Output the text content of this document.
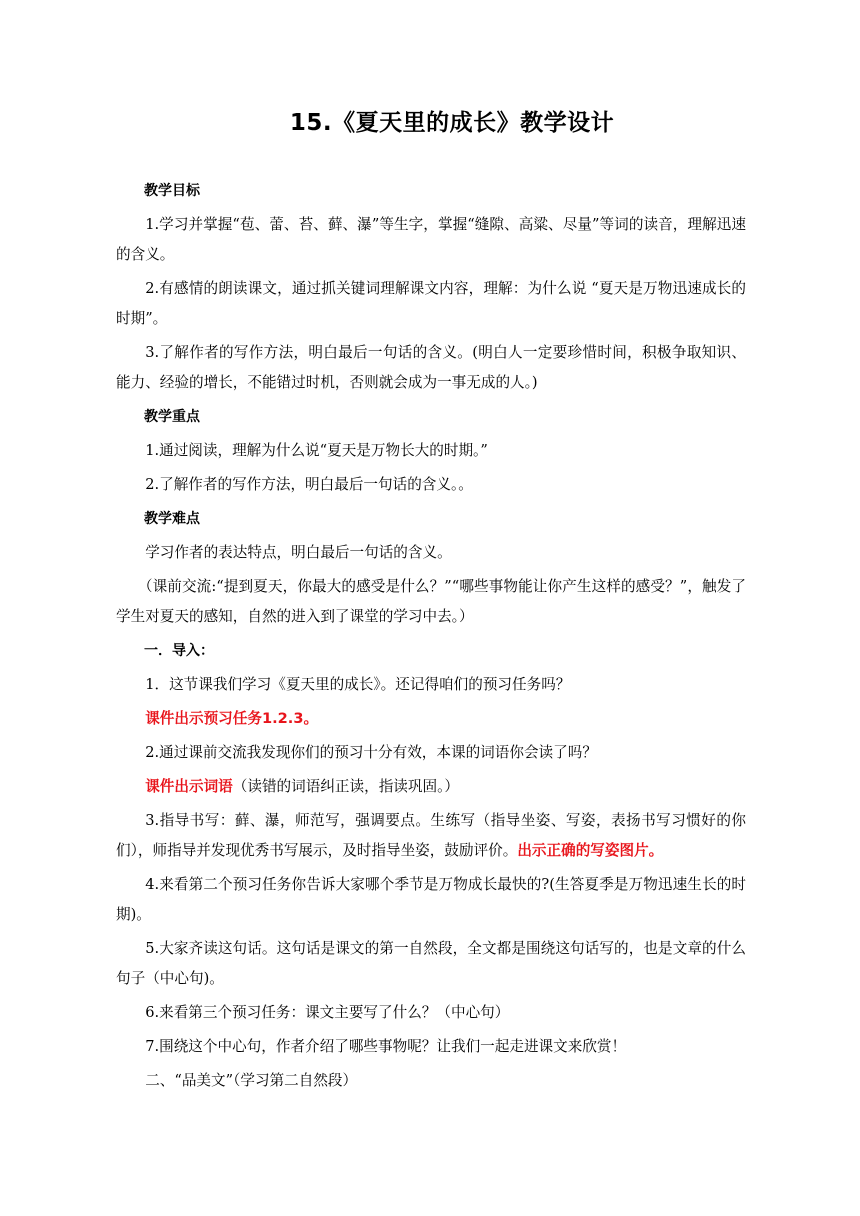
15.《夏天里的成长》教学设计

教学目标

1.学习并掌握“苞、蕾、苔、藓、瀑”等生字，掌握“缝隙、高粱、尽量”等词的读音，理解迅速的含义。

2.有感情的朗读课文，通过抓关键词理解课文内容，理解：为什么说 “夏天是万物迅速成长的时期”。

3.了解作者的写作方法，明白最后一句话的含义。(明白人一定要珍惜时间，积极争取知识、能力、经验的增长，不能错过时机，否则就会成为一事无成的人。)

教学重点

1.通过阅读，理解为什么说“夏天是万物长大的时期。”

2.了解作者的写作方法，明白最后一句话的含义。。

教学难点

学习作者的表达特点，明白最后一句话的含义。

（课前交流:“提到夏天，你最大的感受是什么？”“哪些事物能让你产生这样的感受？”，触发了学生对夏天的感知，自然的进入到了课堂的学习中去。）

一．导入：

1．这节课我们学习《夏天里的成长》。还记得咱们的预习任务吗？

课件出示预习任务1.2.3。

2.通过课前交流我发现你们的预习十分有效，本课的词语你会读了吗？

课件出示词语（读错的词语纠正读，指读巩固。）

3.指导书写：藓、瀑，师范写，强调要点。生练写（指导坐姿、写姿，表扬书写习惯好的你们），师指导并发现优秀书写展示，及时指导坐姿，鼓励评价。出示正确的写姿图片。

4.来看第二个预习任务你告诉大家哪个季节是万物成长最快的?(生答夏季是万物迅速生长的时期)。

5.大家齐读这句话。这句话是课文的第一自然段，全文都是围绕这句话写的，也是文章的什么句子（中心句)。

6.来看第三个预习任务：课文主要写了什么？（中心句）

7.围绕这个中心句，作者介绍了哪些事物呢？让我们一起走进课文来欣赏！

二、“品美文”（学习第二自然段）
